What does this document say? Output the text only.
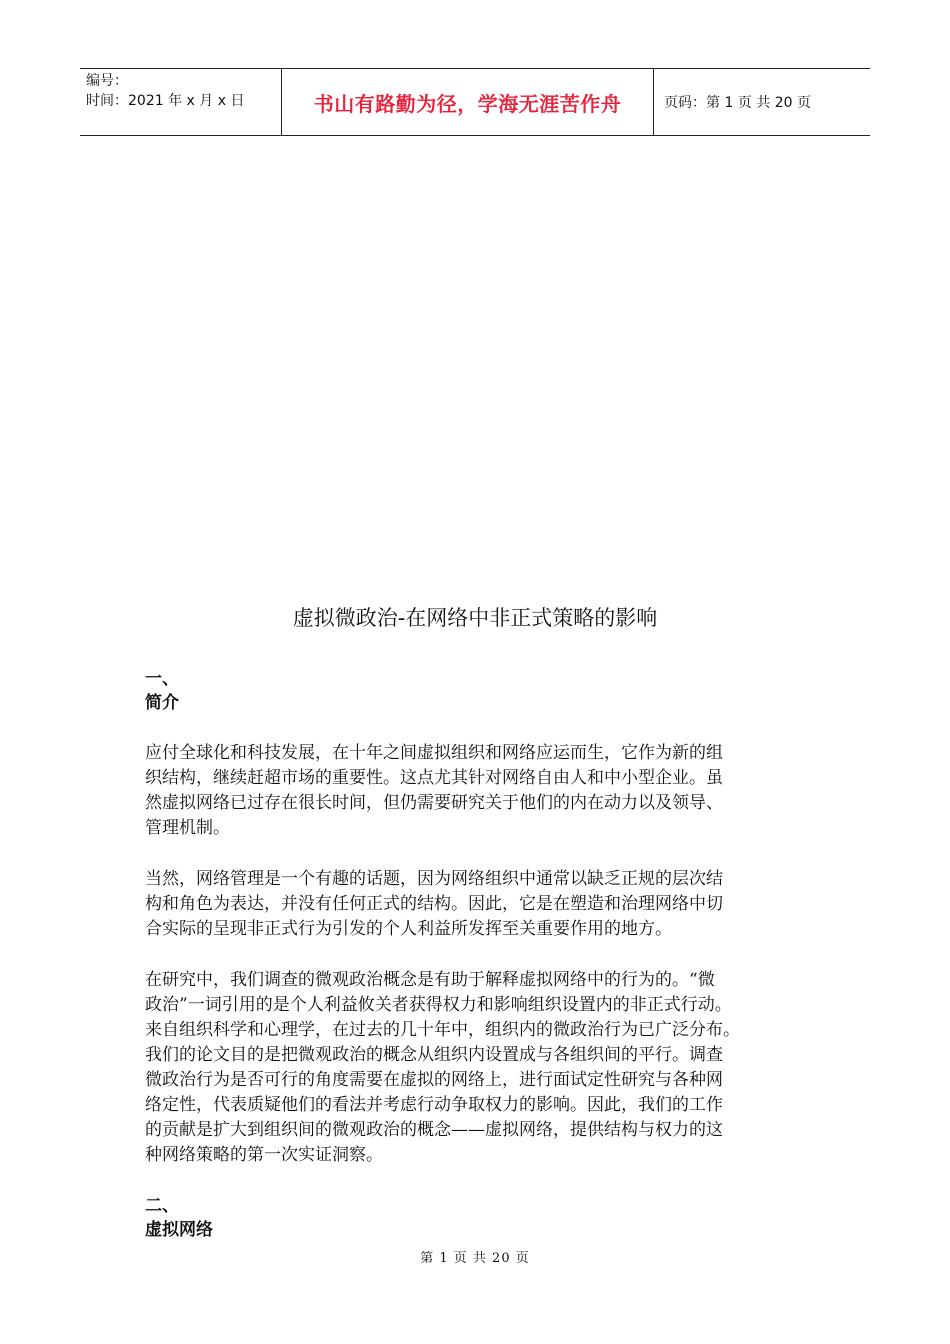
编号：
时间：2021 年 x 月 x 日	书山有路勤为径，学海无涯苦作舟	页码：第 1 页 共 20 页
虚拟微政治-在网络中非正式策略的影响
一、
简介

应付全球化和科技发展，在十年之间虚拟组织和网络应运而生，它作为新的组
织结构，继续赶超市场的重要性。这点尤其针对网络自由人和中小型企业。虽
然虚拟网络已过存在很长时间，但仍需要研究关于他们的内在动力以及领导、
管理机制。

当然，网络管理是一个有趣的话题，因为网络组织中通常以缺乏正规的层次结
构和角色为表达，并没有任何正式的结构。因此，它是在塑造和治理网络中切
合实际的呈现非正式行为引发的个人利益所发挥至关重要作用的地方。

在研究中，我们调查的微观政治概念是有助于解释虚拟网络中的行为的。“微
政治”一词引用的是个人利益攸关者获得权力和影响组织设置内的非正式行动。
来自组织科学和心理学，在过去的几十年中，组织内的微政治行为已广泛分布。
我们的论文目的是把微观政治的概念从组织内设置成与各组织间的平行。调查
微政治行为是否可行的角度需要在虚拟的网络上，进行面试定性研究与各种网
络定性，代表质疑他们的看法并考虑行动争取权力的影响。因此，我们的工作
的贡献是扩大到组织间的微观政治的概念——虚拟网络，提供结构与权力的这
种网络策略的第一次实证洞察。

二、
虚拟网络
第 1 页 共 20 页
